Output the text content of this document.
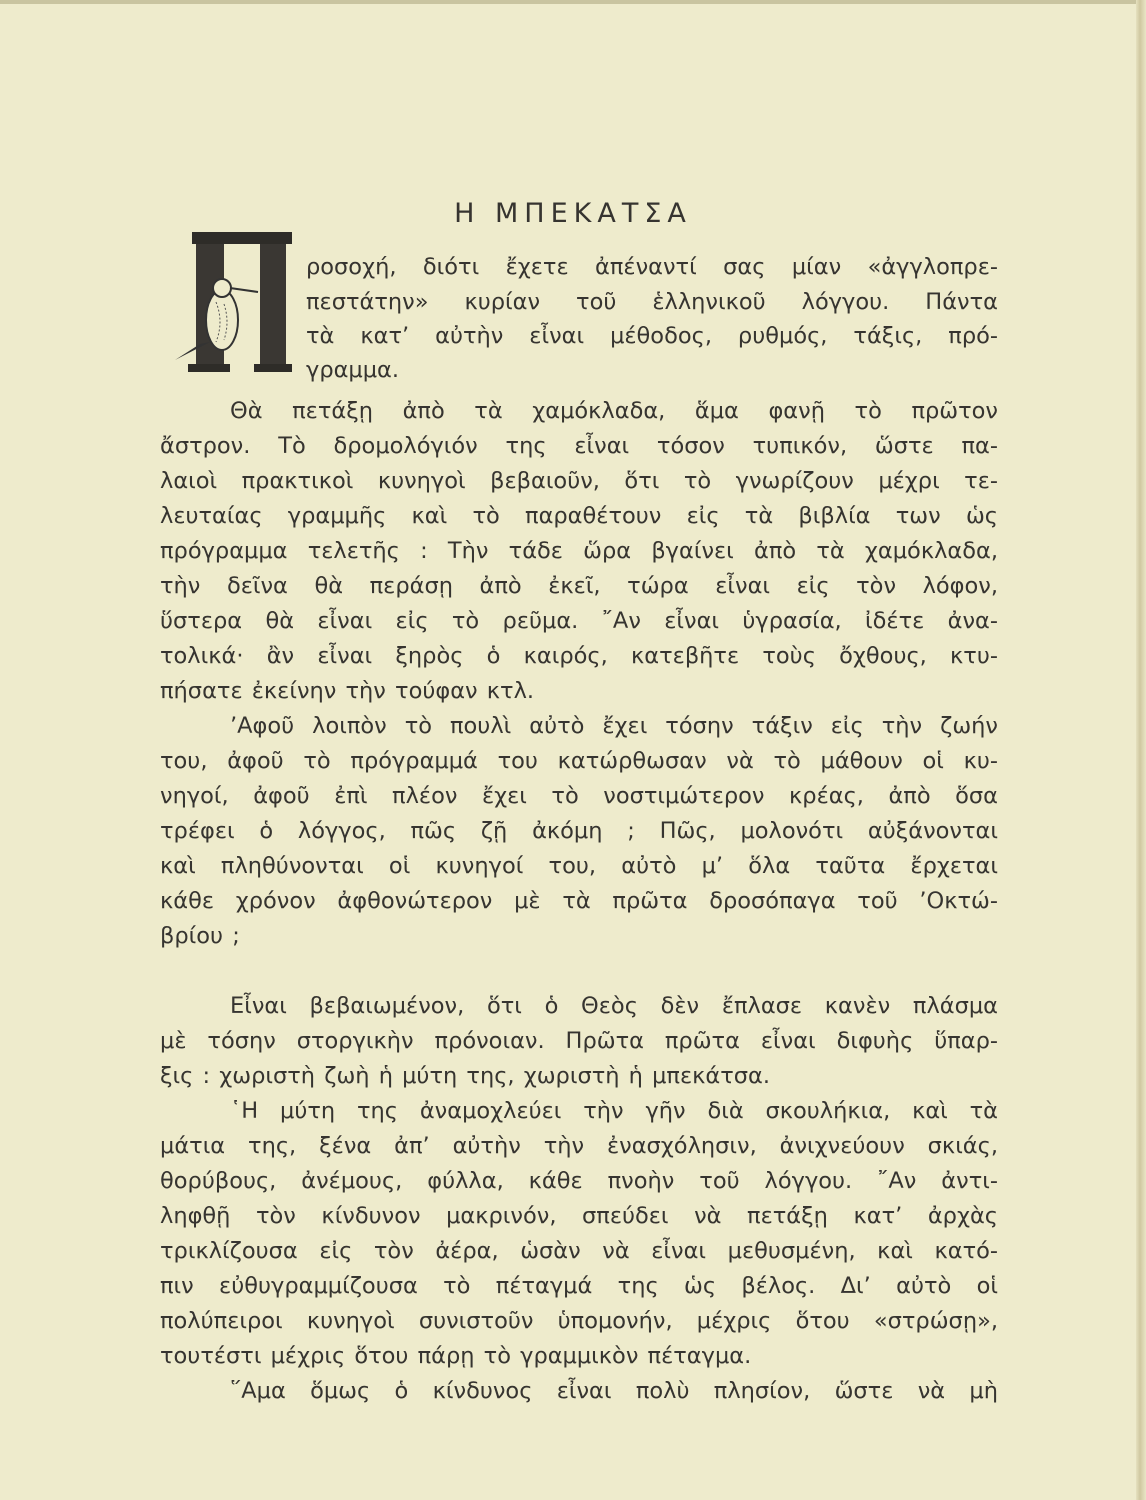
Η ΜΠΕΚΑΤΣΑ
ροσοχή, διότι ἔχετε ἀπέναντί σας μίαν «ἀγγλοπρε-
πεστάτην» κυρίαν τοῦ ἑλληνικοῦ λόγγου. Πάντα
τὰ κατ’ αὐτὴν εἶναι μέθοδος, ρυθμός, τάξις, πρό-
γραμμα.
Θὰ πετάξῃ ἀπὸ τὰ χαμόκλαδα, ἅμα φανῇ τὸ πρῶτον
ἄστρον. Τὸ δρομολόγιόν της εἶναι τόσον τυπικόν, ὥστε πα-
λαιοὶ πρακτικοὶ κυνηγοὶ βεβαιοῦν, ὅτι τὸ γνωρίζουν μέχρι τε-
λευταίας γραμμῆς καὶ τὸ παραθέτουν εἰς τὰ βιβλία των ὡς
πρόγραμμα τελετῆς : Τὴν τάδε ὥρα βγαίνει ἀπὸ τὰ χαμόκλαδα,
τὴν δεῖνα θὰ περάσῃ ἀπὸ ἐκεῖ, τώρα εἶναι εἰς τὸν λόφον,
ὕστερα θὰ εἶναι εἰς τὸ ρεῦμα. ῎Αν εἶναι ὑγρασία, ἰδέτε ἀνα-
τολικά· ἂν εἶναι ξηρὸς ὁ καιρός, κατεβῆτε τοὺς ὄχθους, κτυ-
πήσατε ἐκείνην τὴν τούφαν κτλ.
’Αφοῦ λοιπὸν τὸ πουλὶ αὐτὸ ἔχει τόσην τάξιν εἰς τὴν ζωήν
του, ἀφοῦ τὸ πρόγραμμά του κατώρθωσαν νὰ τὸ μάθουν οἱ κυ-
νηγοί, ἀφοῦ ἐπὶ πλέον ἔχει τὸ νοστιμώτερον κρέας, ἀπὸ ὅσα
τρέφει ὁ λόγγος, πῶς ζῇ ἀκόμη ; Πῶς, μολονότι αὐξάνονται
καὶ πληθύνονται οἱ κυνηγοί του, αὐτὸ μ’ ὅλα ταῦτα ἔρχεται
κάθε χρόνον ἀφθονώτερον μὲ τὰ πρῶτα δροσόπαγα τοῦ ’Οκτώ-
βρίου ;
Εἶναι βεβαιωμένον, ὅτι ὁ Θεὸς δὲν ἔπλασε κανὲν πλάσμα
μὲ τόσην στοργικὴν πρόνοιαν. Πρῶτα πρῶτα εἶναι διφυὴς ὕπαρ-
ξις : χωριστὴ ζωὴ ἡ μύτη της, χωριστὴ ἡ μπεκάτσα.
῾Η μύτη της ἀναμοχλεύει τὴν γῆν διὰ σκουλήκια, καὶ τὰ
μάτια της, ξένα ἀπ’ αὐτὴν τὴν ἐνασχόλησιν, ἀνιχνεύουν σκιάς,
θορύβους, ἀνέμους, φύλλα, κάθε πνοὴν τοῦ λόγγου. ῎Αν ἀντι-
ληφθῇ τὸν κίνδυνον μακρινόν, σπεύδει νὰ πετάξῃ κατ’ ἀρχὰς
τρικλίζουσα εἰς τὸν ἀέρα, ὡσὰν νὰ εἶναι μεθυσμένη, καὶ κατό-
πιν εὐθυγραμμίζουσα τὸ πέταγμά της ὡς βέλος. Δι’ αὐτὸ οἱ
πολύπειροι κυνηγοὶ συνιστοῦν ὑπομονήν, μέχρις ὅτου «στρώσῃ»,
τουτέστι μέχρις ὅτου πάρῃ τὸ γραμμικὸν πέταγμα.
῞Αμα ὅμως ὁ κίνδυνος εἶναι πολὺ πλησίον, ὥστε νὰ μὴ
